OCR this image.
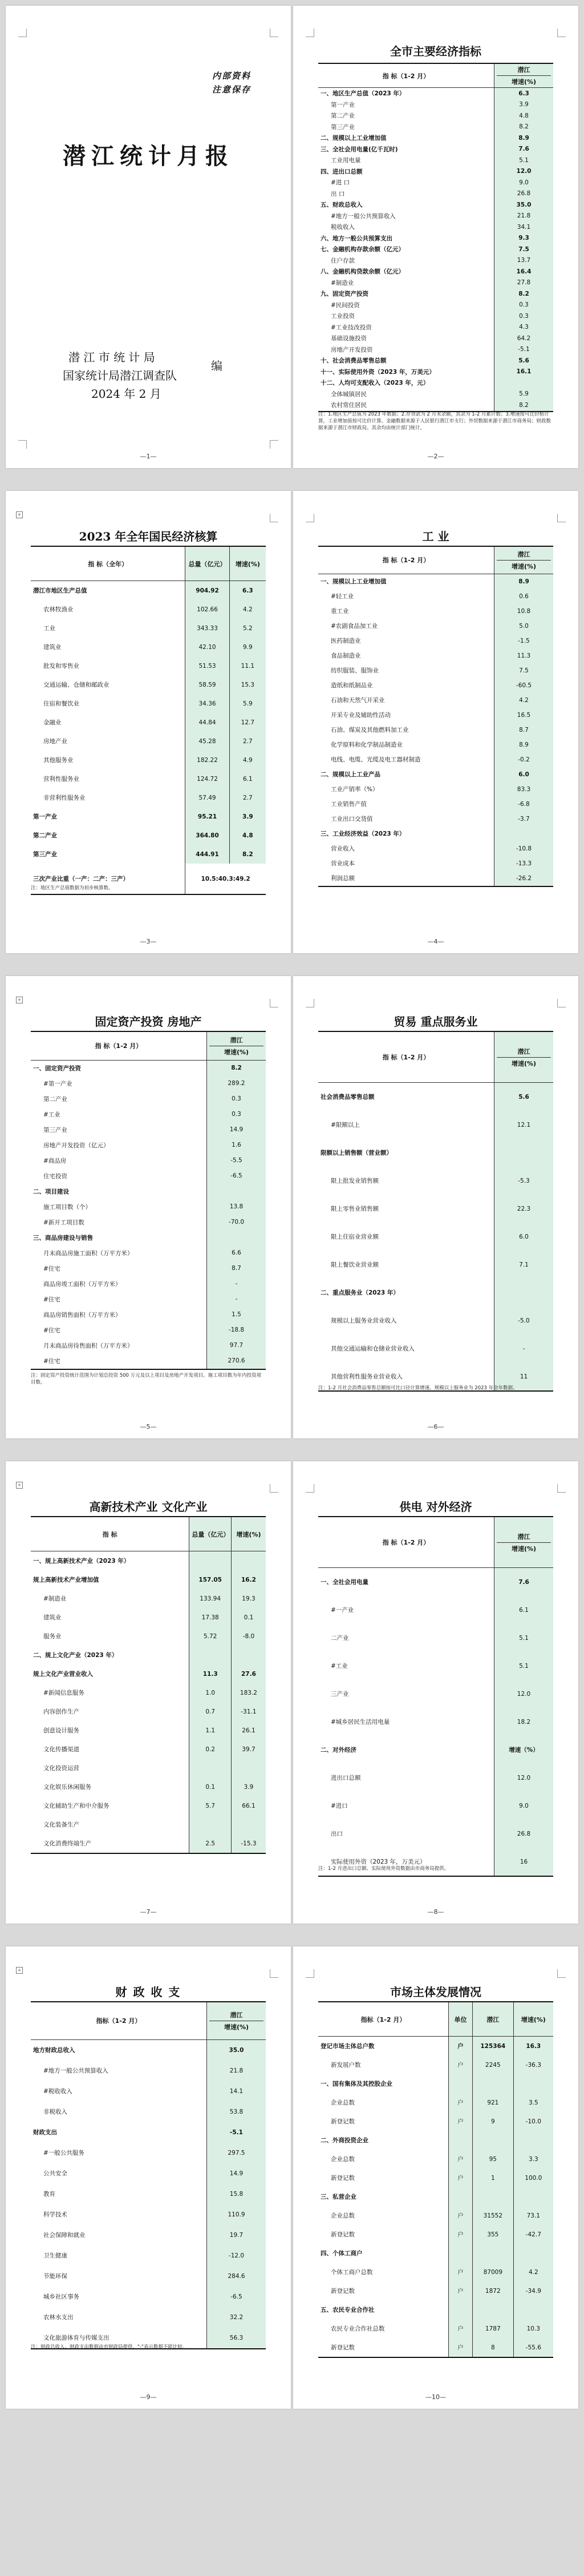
内部资料
注意保存
潜江统计月报
潜 江 市 统 计 局
编
国家统计局潜江调查队
2024 年 2 月
—1—
全市主要经济指标
指 标（1-2 月）	潜江
增速(%)

一、地区生产总值（2023 年）	6.3
第一产业	3.9
第二产业	4.8
第三产业	8.2
二、规模以上工业增加值	8.9
三、全社会用电量(亿千瓦时)	7.6
工业用电量	5.1
四、进出口总额	12.0
#进 口	9.0
出 口	26.8
五、财政总收入	35.0
#地方一般公共预算收入	21.8
税收收入	34.1
六、地方一般公共预算支出	9.3
七、金融机构存款余额（亿元）	7.5
住户存款	13.7
八、金融机构贷款余额（亿元）	16.4
#制造业	27.8
九、固定资产投资	8.2
#民间投资	0.3
工业投资	0.3
#工业技改投资	4.3
基础设施投资	64.2
房地产开发投资	-5.1
十、社会消费品零售总额	5.6
十一、实际使用外资（2023 年，万美元）	16.1
十二、人均可支配收入（2023 年，元）	
全体城镇居民	5.9
农村常住居民	8.2
注：1.地区生产总值为 2023 年数据；2.存贷款为 2 月末余额，其余为 1-2 月累计数；3.增速按可比价格计算，工业增加值按可比价计算。金融数据来源于人民银行潜江市支行；外贸数据来源于潜江市商务局；财政数据来源于潜江市财政局。其余均由统计部门统计。
—2—
+
2023 年全年国民经济核算
指 标（全年）	总量（亿元）	增速(%)
潜江市地区生产总值	904.92	6.3
农林牧渔业	102.66	4.2
工业	343.33	5.2
建筑业	42.10	9.9
批发和零售业	51.53	11.1
交通运输、仓储和邮政业	58.59	15.3
住宿和餐饮业	34.36	5.9
金融业	44.84	12.7
房地产业	45.28	2.7
其他服务业	182.22	4.9
营利性服务业	124.72	6.1
非营利性服务业	57.49	2.7
第一产业	95.21	3.9
第二产业	364.80	4.8
第三产业	444.91	8.2
三次产业比重（一产：二产：三产）	10.5:40.3:49.2	
注：地区生产总值数据为初步核算数。
—3—
工 业
指 标（1-2 月）	潜江
增速(%)

一、规模以上工业增加值	8.9
#轻工业	0.6
重工业	10.8
#农副食品加工业	5.0
医药制造业	-1.5
食品制造业	11.3
纺织服装、服饰业	7.5
造纸和纸制品业	-60.5
石油和天然气开采业	4.2
开采专业及辅助性活动	16.5
石油、煤炭及其他燃料加工业	8.7
化学原料和化学制品制造业	8.9
电线、电缆、光缆及电工器材制造	-0.2
二、规模以上工业产品	6.0
工业产销率（%）	83.3
工业销售产值	-6.8
工业出口交货值	-3.7
三、工业经济效益（2023 年）	
营业收入	-10.8
营业成本	-13.3
利润总额	-26.2
—4—
+
固定资产投资 房地产
指 标（1-2 月）	潜江
增速(%)

一、固定资产投资	8.2
#第一产业	289.2
第二产业	0.3
#工业	0.3
第三产业	14.9
房地产开发投资（亿元）	1.6
#商品房	-5.5
住宅投资	-6.5
二、项目建设	
施工项目数（个）	13.8
#新开工项目数	-70.0
三、商品房建设与销售	
月末商品房施工面积（万平方米）	6.6
#住宅	8.7
商品房竣工面积（万平方米）	-
#住宅	-
商品房销售面积（万平方米）	1.5
#住宅	-18.8
月末商品房待售面积（万平方米）	97.7
#住宅	270.6
注：固定资产投资统计范围为计划总投资 500 万元及以上项目及房地产开发项目。施工项目数为年内投资项目数。
—5—
贸易 重点服务业
指 标（1-2 月）	潜江
增速(%)

社会消费品零售总额	5.6
#限额以上	12.1
限额以上销售额（营业额）	
限上批发业销售额	-5.3
限上零售业销售额	22.3
限上住宿业营业额	6.0
限上餐饮业营业额	7.1
二、重点服务业（2023 年）	
规模以上服务业营业收入	-5.0
其他交通运输和仓储业营业收入	-
其他营利性服务业营业收入	11
注：1-2 月社会消费品零售总额按可比口径计算增速。规模以上服务业为 2023 年全年数据。
—6—
+
高新技术产业 文化产业
指 标	总量（亿元）	增速(%)
一、规上高新技术产业（2023 年）		
规上高新技术产业增加值	157.05	16.2
#制造业	133.94	19.3
建筑业	17.38	0.1
服务业	5.72	-8.0
二、规上文化产业（2023 年）		
规上文化产业营业收入	11.3	27.6
#新闻信息服务	1.0	183.2
内容创作生产	0.7	-31.1
创意设计服务	1.1	26.1
文化传播渠道	0.2	39.7
文化投资运营		
文化娱乐休闲服务	0.1	3.9
文化辅助生产和中介服务	5.7	66.1
文化装备生产		
文化消费终端生产	2.5	-15.3
—7—
供电 对外经济
指 标（1-2 月）	潜江
增速(%)

一、全社会用电量	7.6
#一产业	6.1
二产业	5.1
#工业	5.1
三产业	12.0
#城乡居民生活用电量	18.2
二、对外经济	增速（%）
进出口总额	12.0
#进口	9.0
出口	26.8
实际使用外资（2023 年，万美元）	16
注：1-2 月进出口总额、实际使用外资数据由市商务局提供。
—8—
+
财 政 收 支
指标（1-2 月）	潜江
增速(%)

地方财政总收入	35.0
#地方一般公共预算收入	21.8
#税收收入	14.1
非税收入	53.8
财政支出	-5.1
#一般公共服务	297.5
公共安全	14.9
教育	15.8
科学技术	110.9
社会保障和就业	19.7
卫生健康	-12.0
节能环保	284.6
城乡社区事务	-6.5
农林水支出	32.2
文化旅游体育与传媒支出	56.3
注：财政总收入、财政支出数据由市财政局提供，"-"表示数据不能比较。
—9—
市场主体发展情况
指标（1-2 月）	单位	潜江	增速(%)
登记市场主体总户数	户	125364	16.3
新发展户数	户	2245	-36.3
一、国有集体及其控股企业			
企业总数	户	921	3.5
新登记数	户	9	-10.0
二、外商投资企业			
企业总数	户	95	3.3
新登记数	户	1	100.0
三、私营企业			
企业总数	户	31552	73.1
新登记数	户	355	-42.7
四、个体工商户			
个体工商户总数	户	87009	4.2
新登记数	户	1872	-34.9
五、农民专业合作社			
农民专业合作社总数	户	1787	10.3
新登记数	户	8	-55.6
—10—
